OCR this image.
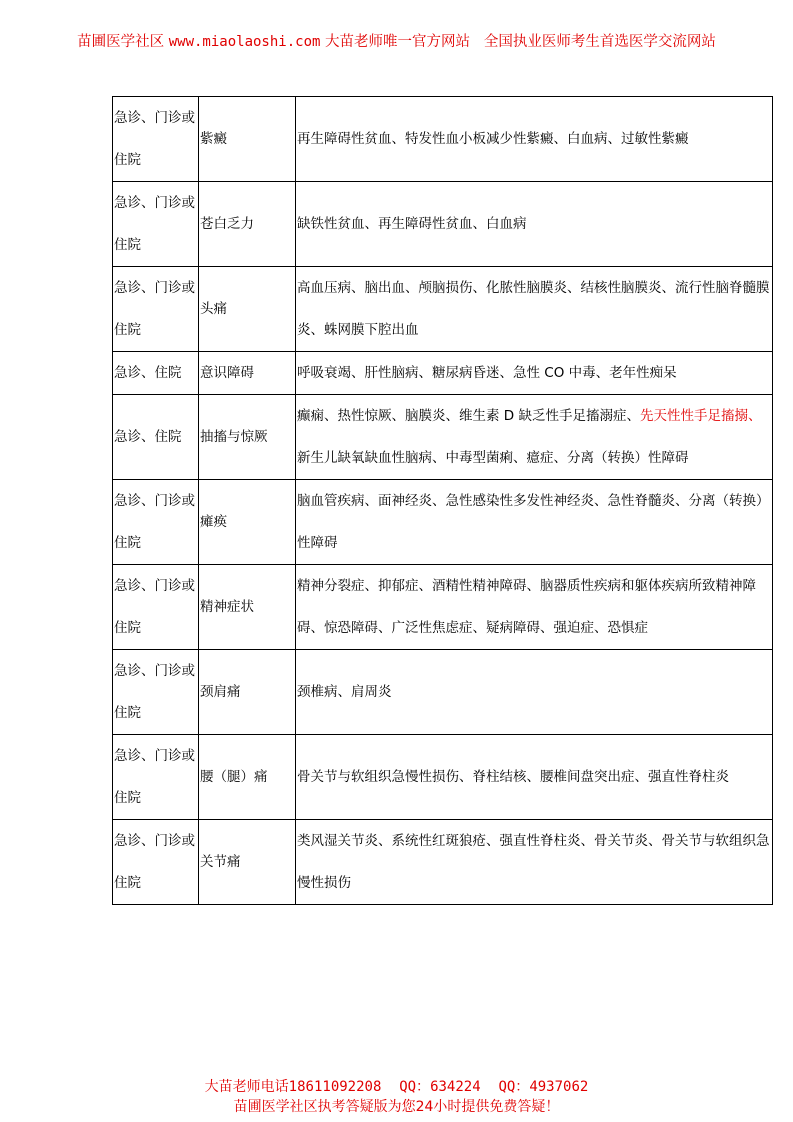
苗圃医学社区 www.miaolaoshi.com 大苗老师唯一官方网站 全国执业医师考生首选医学交流网站
急诊、门诊或住院	紫癜	再生障碍性贫血、特发性血小板减少性紫癜、白血病、过敏性紫癜

急诊、门诊或住院	苍白乏力	缺铁性贫血、再生障碍性贫血、白血病

急诊、门诊或住院	头痛	高血压病、脑出血、颅脑损伤、化脓性脑膜炎、结核性脑膜炎、流行性脑脊髓膜炎、蛛网膜下腔出血

急诊、住院	意识障碍	呼吸衰竭、肝性脑病、糖尿病昏迷、急性 CO 中毒、老年性痴呆

急诊、住院	抽搐与惊厥	癫痫、热性惊厥、脑膜炎、维生素 D 缺乏性手足搐溺症、先天性性手足搐搦、新生儿缺氧缺血性脑病、中毒型菌痢、癔症、分离（转换）性障碍

急诊、门诊或住院	瘫痪	脑血管疾病、面神经炎、急性感染性多发性神经炎、急性脊髓炎、分离（转换）性障碍

急诊、门诊或住院	精神症状	精神分裂症、抑郁症、酒精性精神障碍、脑器质性疾病和躯体疾病所致精神障碍、惊恐障碍、广泛性焦虑症、疑病障碍、强迫症、恐惧症

急诊、门诊或住院	颈肩痛	颈椎病、肩周炎

急诊、门诊或住院	腰（腿）痛	骨关节与软组织急慢性损伤、脊柱结核、腰椎间盘突出症、强直性脊柱炎

急诊、门诊或住院	关节痛	类风湿关节炎、系统性红斑狼疮、强直性脊柱炎、骨关节炎、骨关节与软组织急慢性损伤
大苗老师电话18611092208 QQ：634224 QQ：4937062
苗圃医学社区执考答疑版为您24小时提供免费答疑！
